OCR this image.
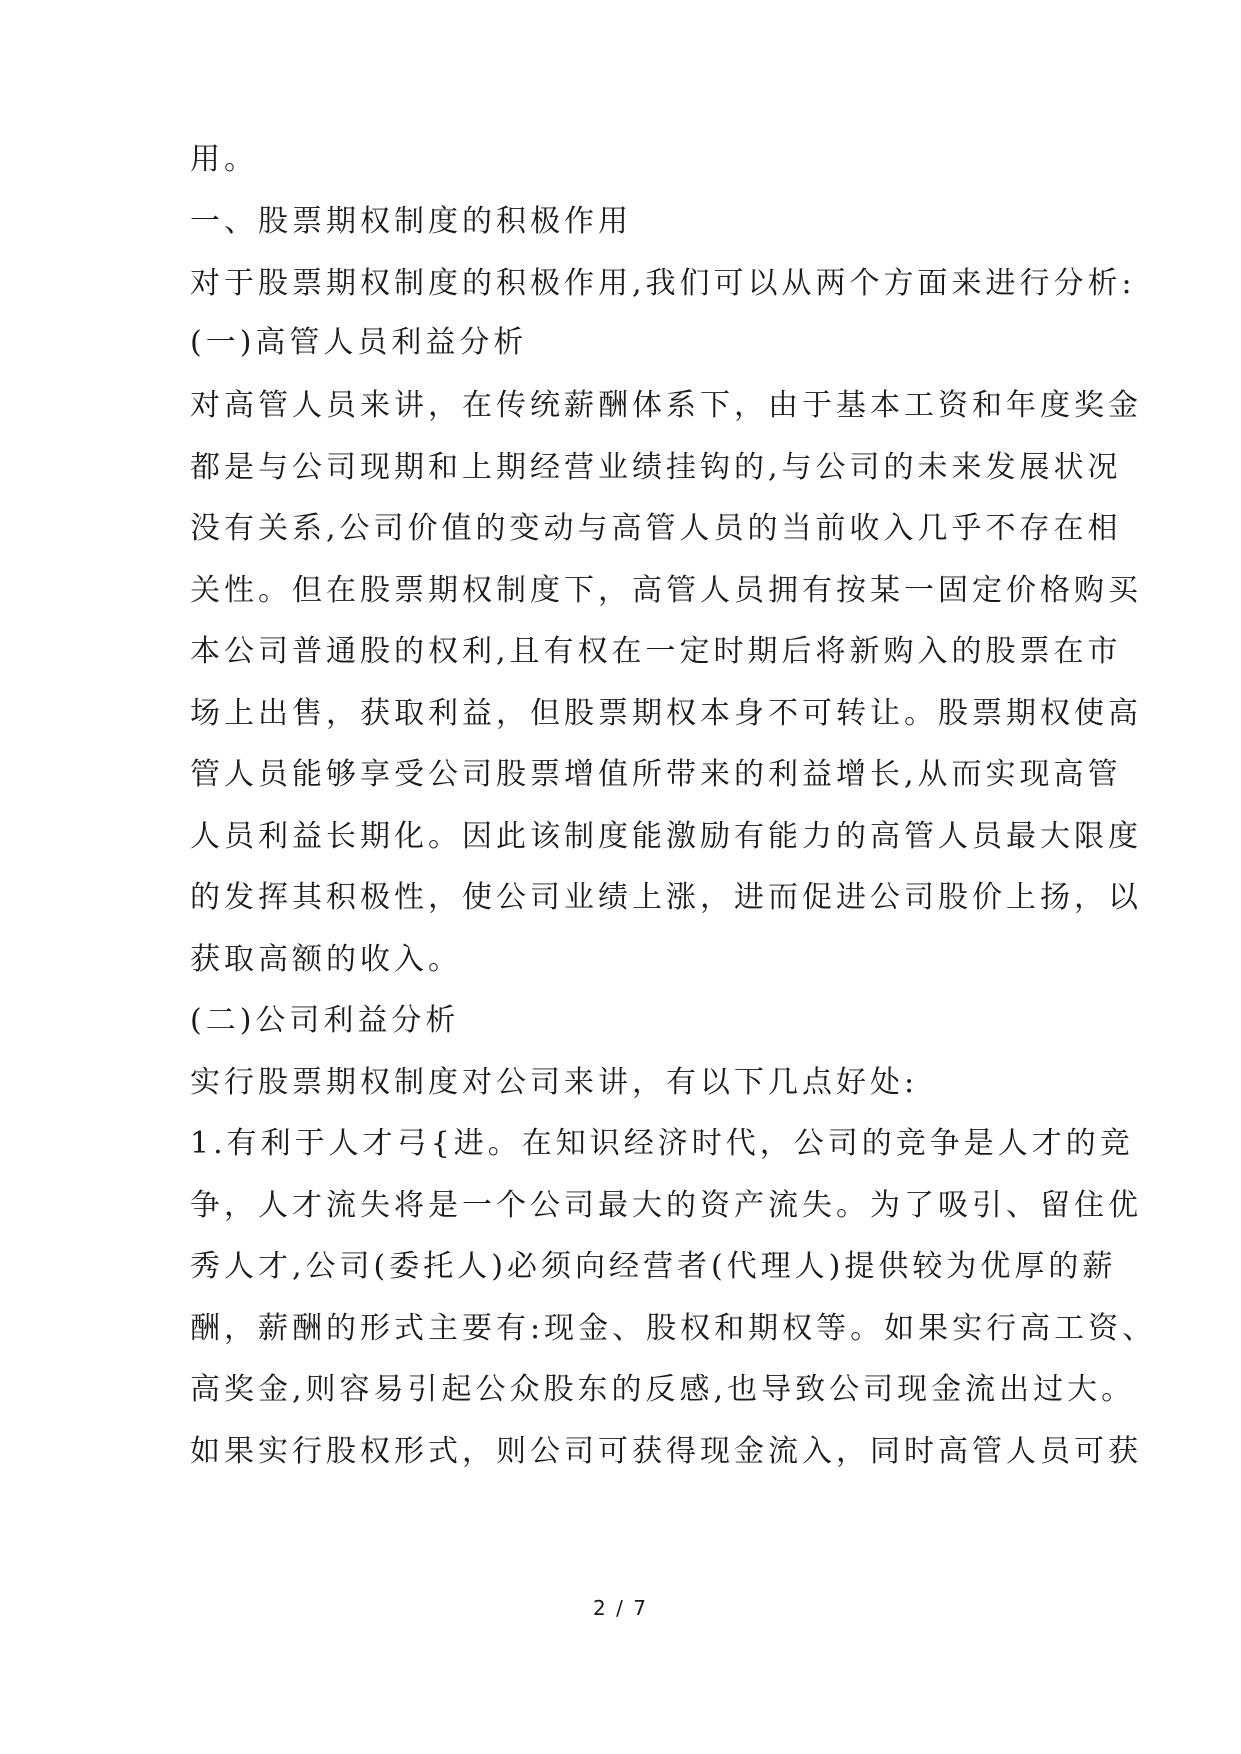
用。
一、股票期权制度的积极作用
对于股票期权制度的积极作用,我们可以从两个方面来进行分析:
(一)高管人员利益分析
对高管人员来讲，在传统薪酬体系下，由于基本工资和年度奖金
都是与公司现期和上期经营业绩挂钩的,与公司的未来发展状况
没有关系,公司价值的变动与高管人员的当前收入几乎不存在相
关性。但在股票期权制度下，高管人员拥有按某一固定价格购买
本公司普通股的权利,且有权在一定时期后将新购入的股票在市
场上出售，获取利益，但股票期权本身不可转让。股票期权使高
管人员能够享受公司股票增值所带来的利益增长,从而实现高管
人员利益长期化。因此该制度能激励有能力的高管人员最大限度
的发挥其积极性，使公司业绩上涨，进而促进公司股价上扬，以
获取高额的收入。
(二)公司利益分析
实行股票期权制度对公司来讲，有以下几点好处:
1.有利于人才弓{进。在知识经济时代，公司的竞争是人才的竞
争，人才流失将是一个公司最大的资产流失。为了吸引、留住优
秀人才,公司(委托人)必须向经营者(代理人)提供较为优厚的薪
酬，薪酬的形式主要有:现金、股权和期权等。如果实行高工资、
高奖金,则容易引起公众股东的反感,也导致公司现金流出过大。
如果实行股权形式，则公司可获得现金流入，同时高管人员可获
2 / 7
